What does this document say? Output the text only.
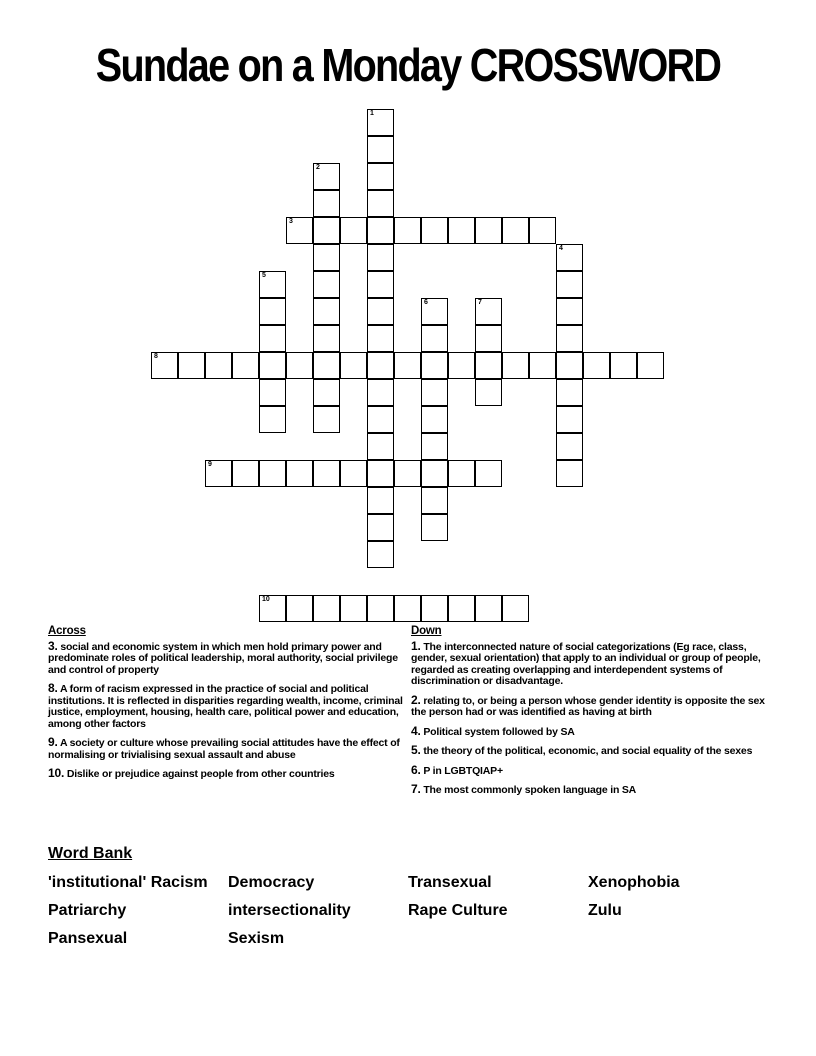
Sundae on a Monday CROSSWORD
1
2
3
4
5
6	7
8
9
10
Across
3. social and economic system in which men hold primary power and predominate roles of political leadership, moral authority, social privilege and control of property
8. A form of racism expressed in the practice of social and political institutions. It is reflected in disparities regarding wealth, income, criminal justice, employment, housing, health care, political power and education, among other factors
9. A society or culture whose prevailing social attitudes have the effect of normalising or trivialising sexual assault and abuse
10. Dislike or prejudice against people from other countries
Down
1. The interconnected nature of social categorizations (Eg race, class, gender, sexual orientation) that apply to an individual or group of people, regarded as creating overlapping and interdependent systems of discrimination or disadvantage.
2. relating to, or being a person whose gender identity is opposite the sex the person had or was identified as having at birth
4. Political system followed by SA
5. the theory of the political, economic, and social equality of the sexes
6. P in LGBTQIAP+
7. The most commonly spoken language in SA
Word Bank
'institutional' Racism	Democracy	Transexual	Xenophobia
Patriarchy	intersectionality	Rape Culture	Zulu
Pansexual	Sexism
